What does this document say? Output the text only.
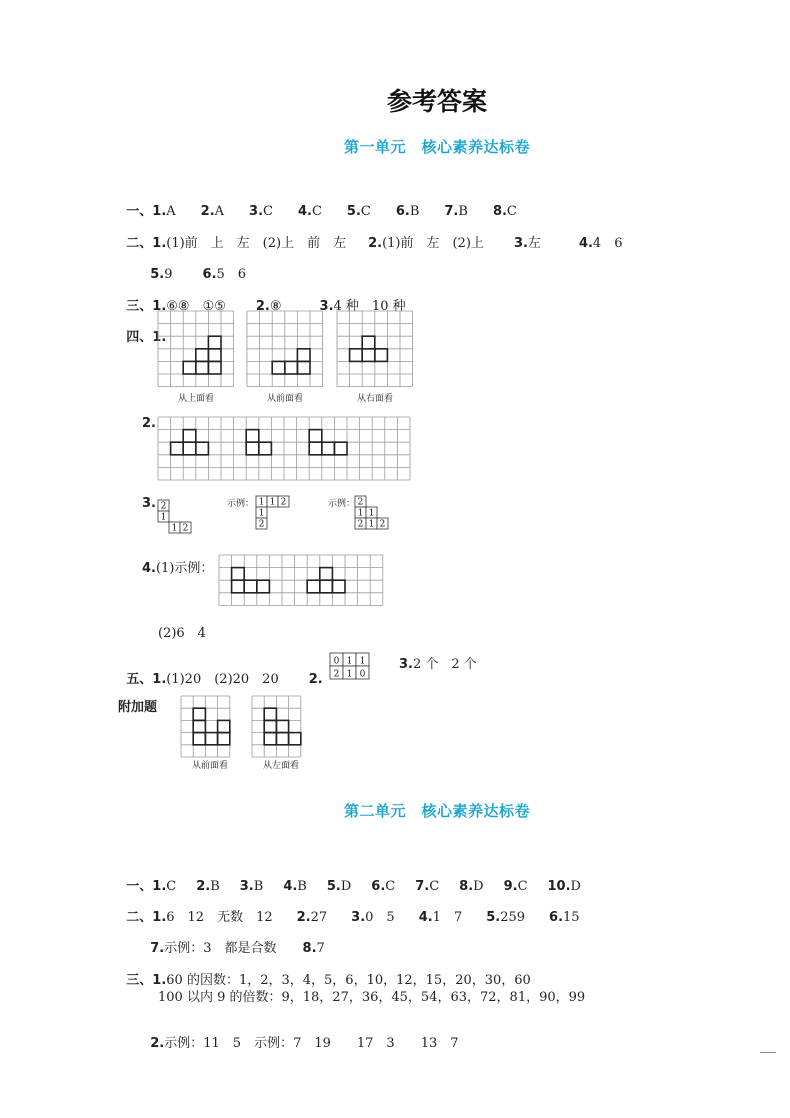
参考答案
第一单元　核心素养达标卷

一、1.A 2.A 3.C 4.C 5.C 6.B 7.B 8.C

二、1.(1)前　上　左　(2)上　前　左 2.(1)前　左　(2)上 3.左	4.4　6

5.9 6.5　6

三、1.⑥⑧　①⑤ 2.⑧	3.4 种　10 种

四、1.

从上面看	从前面看	从右面看
2.
3. 2
1
1 2
示例： 1 1 2
1
2
示例： 2
1 1
2 1 2
4.(1)示例：
(2)6　4

五、1.(1)20　(2)20　20 2.

0 1 1
2 1 0
3.2 个　2 个
附加题
从前面看	从左面看
第二单元　核心素养达标卷

一、1.C 2.B 3.B 4.B 5.D 6.C 7.C 8.D 9.C 10.D

二、1.6　12　无数　12 2.27 3.0　5 4.1　7 5.259 6.15

7.示例：3　都是合数 8.7

三、1.60 的因数：1，2，3，4，5，6，10，12，15，20，30，60

100 以内 9 的倍数：9，18，27，36，45，54，63，72，81，90，99

2.示例：11　5　示例：7　19　　17　3　　13　7
